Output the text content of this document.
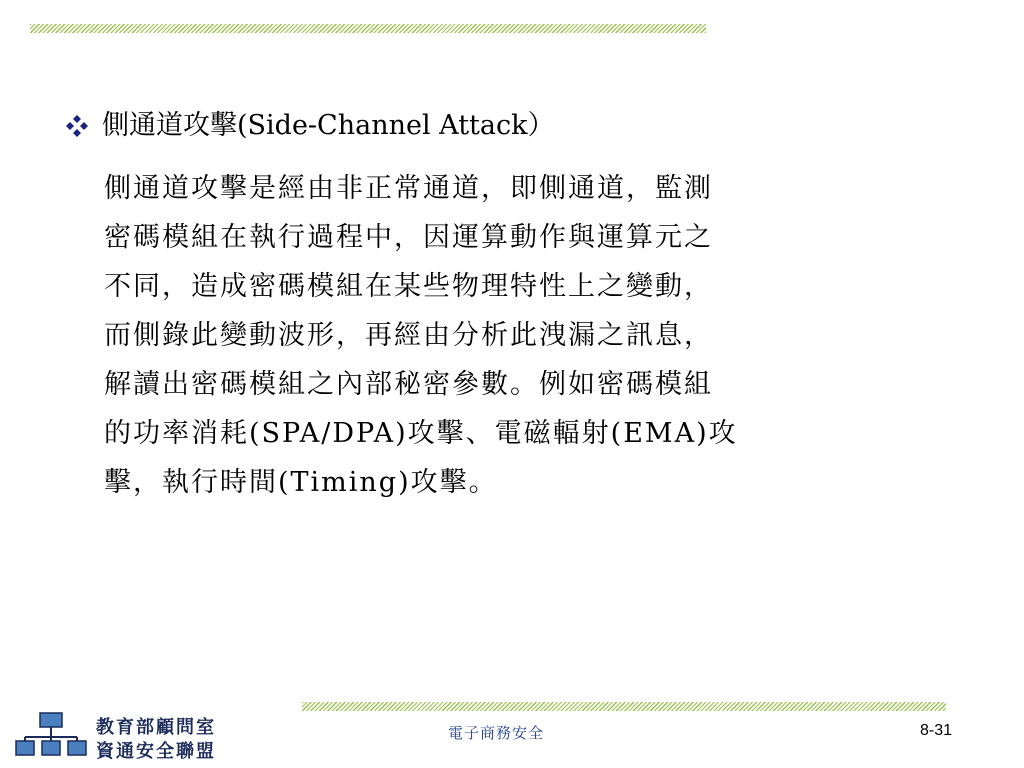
側通道攻擊(Side-Channel Attack）
側通道攻擊是經由非正常通道，即側通道，監測
密碼模組在執行過程中，因運算動作與運算元之
不同，造成密碼模組在某些物理特性上之變動，
而側錄此變動波形，再經由分析此洩漏之訊息，
解讀出密碼模組之內部秘密參數。例如密碼模組
的功率消耗(SPA/DPA)攻擊、電磁輻射(EMA)攻
擊，執行時間(Timing)攻擊。
教育部顧問室
資通安全聯盟
電子商務安全	8-31
